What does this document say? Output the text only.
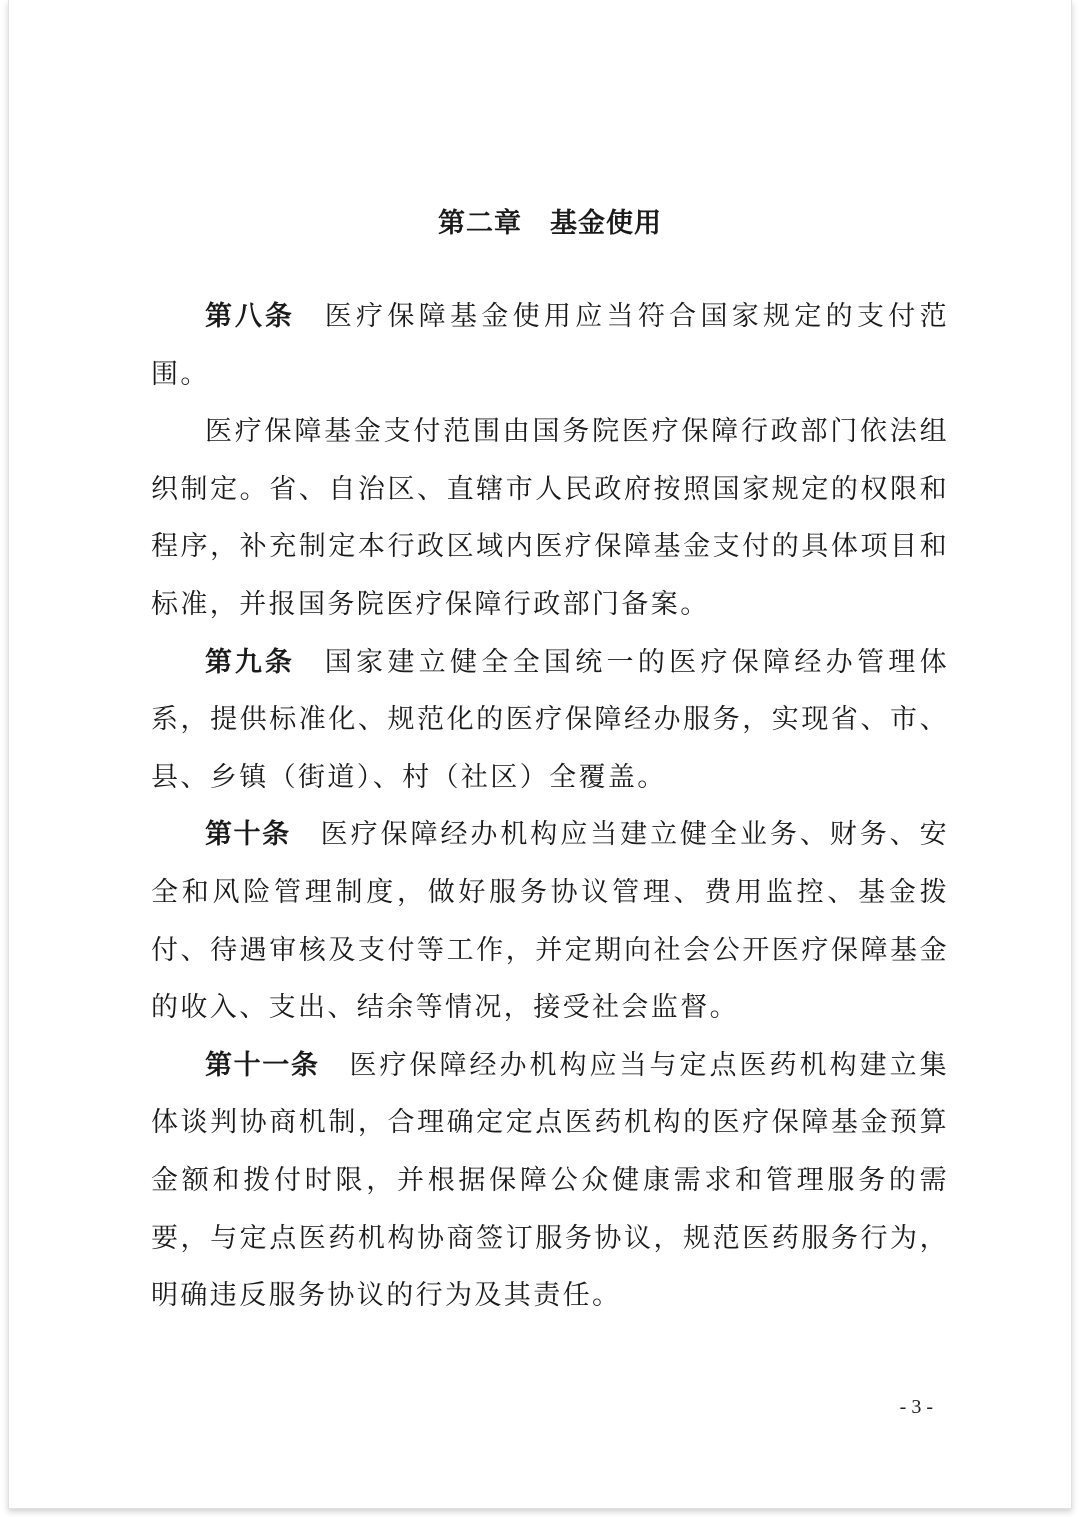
第二章　基金使用

第八条 医疗保障基金使用应当符合国家规定的支付范围。

医疗保障基金支付范围由国务院医疗保障行政部门依法组织制定。省、自治区、直辖市人民政府按照国家规定的权限和程序，补充制定本行政区域内医疗保障基金支付的具体项目和标准，并报国务院医疗保障行政部门备案。

第九条 国家建立健全全国统一的医疗保障经办管理体系，提供标准化、规范化的医疗保障经办服务，实现省、市、县、乡镇（街道）、村（社区）全覆盖。

第十条 医疗保障经办机构应当建立健全业务、财务、安全和风险管理制度，做好服务协议管理、费用监控、基金拨付、待遇审核及支付等工作，并定期向社会公开医疗保障基金的收入、支出、结余等情况，接受社会监督。

第十一条 医疗保障经办机构应当与定点医药机构建立集体谈判协商机制，合理确定定点医药机构的医疗保障基金预算金额和拨付时限，并根据保障公众健康需求和管理服务的需要，与定点医药机构协商签订服务协议，规范医药服务行为，明确违反服务协议的行为及其责任。

- 3 -
